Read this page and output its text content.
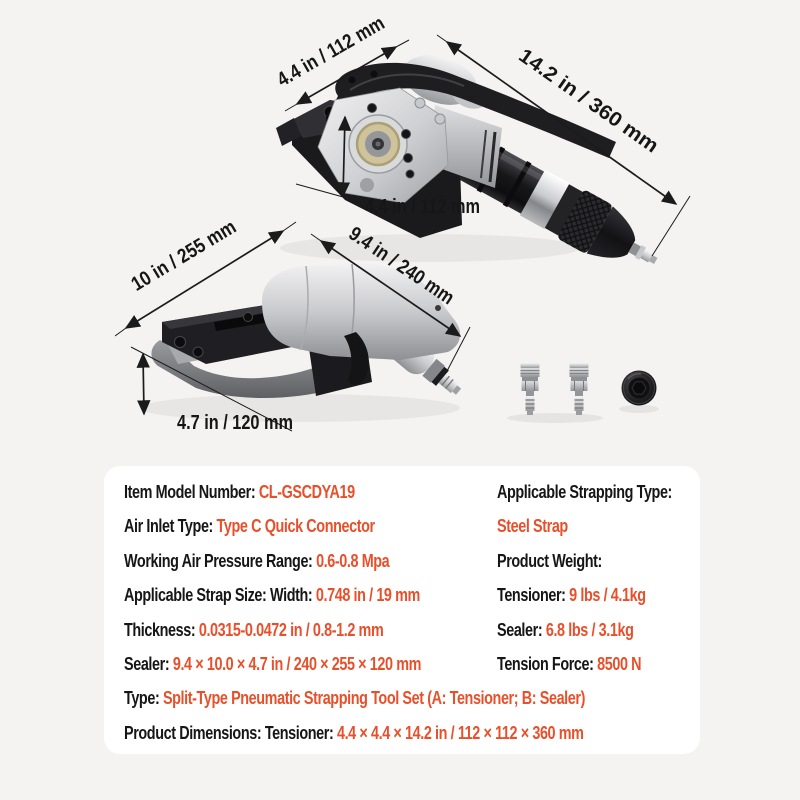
4.4 in / 112 mm	14.2 in / 360 mm
4.4 in / 112 mm
10 in / 255 mm	9.4 in / 240 mm
4.7 in / 120 mm
Item Model Number: CL-GSCDYA19
Air Inlet Type: Type C Quick Connector
Working Air Pressure Range: 0.6-0.8 Mpa
Applicable Strap Size: Width: 0.748 in / 19 mm
Thickness: 0.0315-0.0472 in / 0.8-1.2 mm
Sealer: 9.4 × 10.0 × 4.7 in / 240 × 255 × 120 mm
Applicable Strapping Type:
Steel Strap
Product Weight:
Tensioner: 9 lbs / 4.1kg
Sealer: 6.8 lbs / 3.1kg
Tension Force: 8500 N
Type: Split-Type Pneumatic Strapping Tool Set (A: Tensioner; B: Sealer)
Product Dimensions: Tensioner: 4.4 × 4.4 × 14.2 in / 112 × 112 × 360 mm
